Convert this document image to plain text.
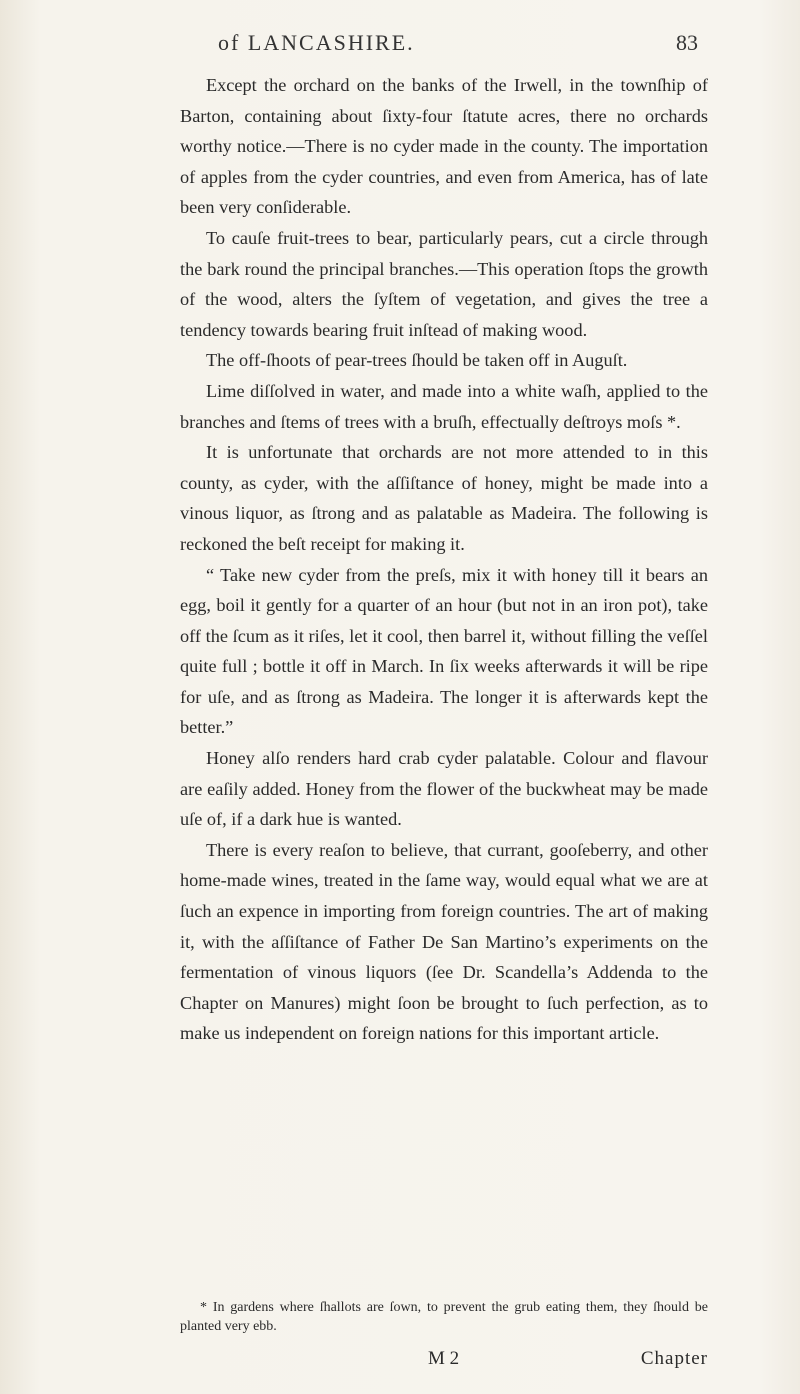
of LANCASHIRE.	83

Except the orchard on the banks of the Irwell, in the townſhip of Barton, containing about ſixty-four ſtatute acres, there no orchards worthy notice.—There is no cyder made in the county. The importation of apples from the cyder countries, and even from America, has of late been very conſiderable.

To cauſe fruit-trees to bear, particularly pears, cut a circle through the bark round the principal branches.—This operation ſtops the growth of the wood, alters the ſyſtem of vegetation, and gives the tree a tendency towards bearing fruit inſtead of making wood.

The off-ſhoots of pear-trees ſhould be taken off in Auguſt.

Lime diſſolved in water, and made into a white waſh, applied to the branches and ſtems of trees with a bruſh, effectually deſtroys moſs *.

It is unfortunate that orchards are not more attended to in this county, as cyder, with the aſſiſtance of honey, might be made into a vinous liquor, as ſtrong and as palatable as Madeira. The following is reckoned the beſt receipt for making it.

“ Take new cyder from the preſs, mix it with honey till it bears an egg, boil it gently for a quarter of an hour (but not in an iron pot), take off the ſcum as it riſes, let it cool, then barrel it, without filling the veſſel quite full ; bottle it off in March. In ſix weeks afterwards it will be ripe for uſe, and as ſtrong as Madeira. The longer it is afterwards kept the better.”

Honey alſo renders hard crab cyder palatable. Colour and flavour are eaſily added. Honey from the flower of the buckwheat may be made uſe of, if a dark hue is wanted.

There is every reaſon to believe, that currant, gooſeberry, and other home-made wines, treated in the ſame way, would equal what we are at ſuch an expence in importing from foreign countries. The art of making it, with the aſſiſtance of Father De San Martino’s experiments on the fermentation of vinous liquors (ſee Dr. Scandella’s Addenda to the Chapter on Manures) might ſoon be brought to ſuch perfection, as to make us independent on foreign nations for this important article.

* In gardens where ſhallots are ſown, to prevent the grub eating them, they ſhould be planted very ebb.

M 2	Chapter
